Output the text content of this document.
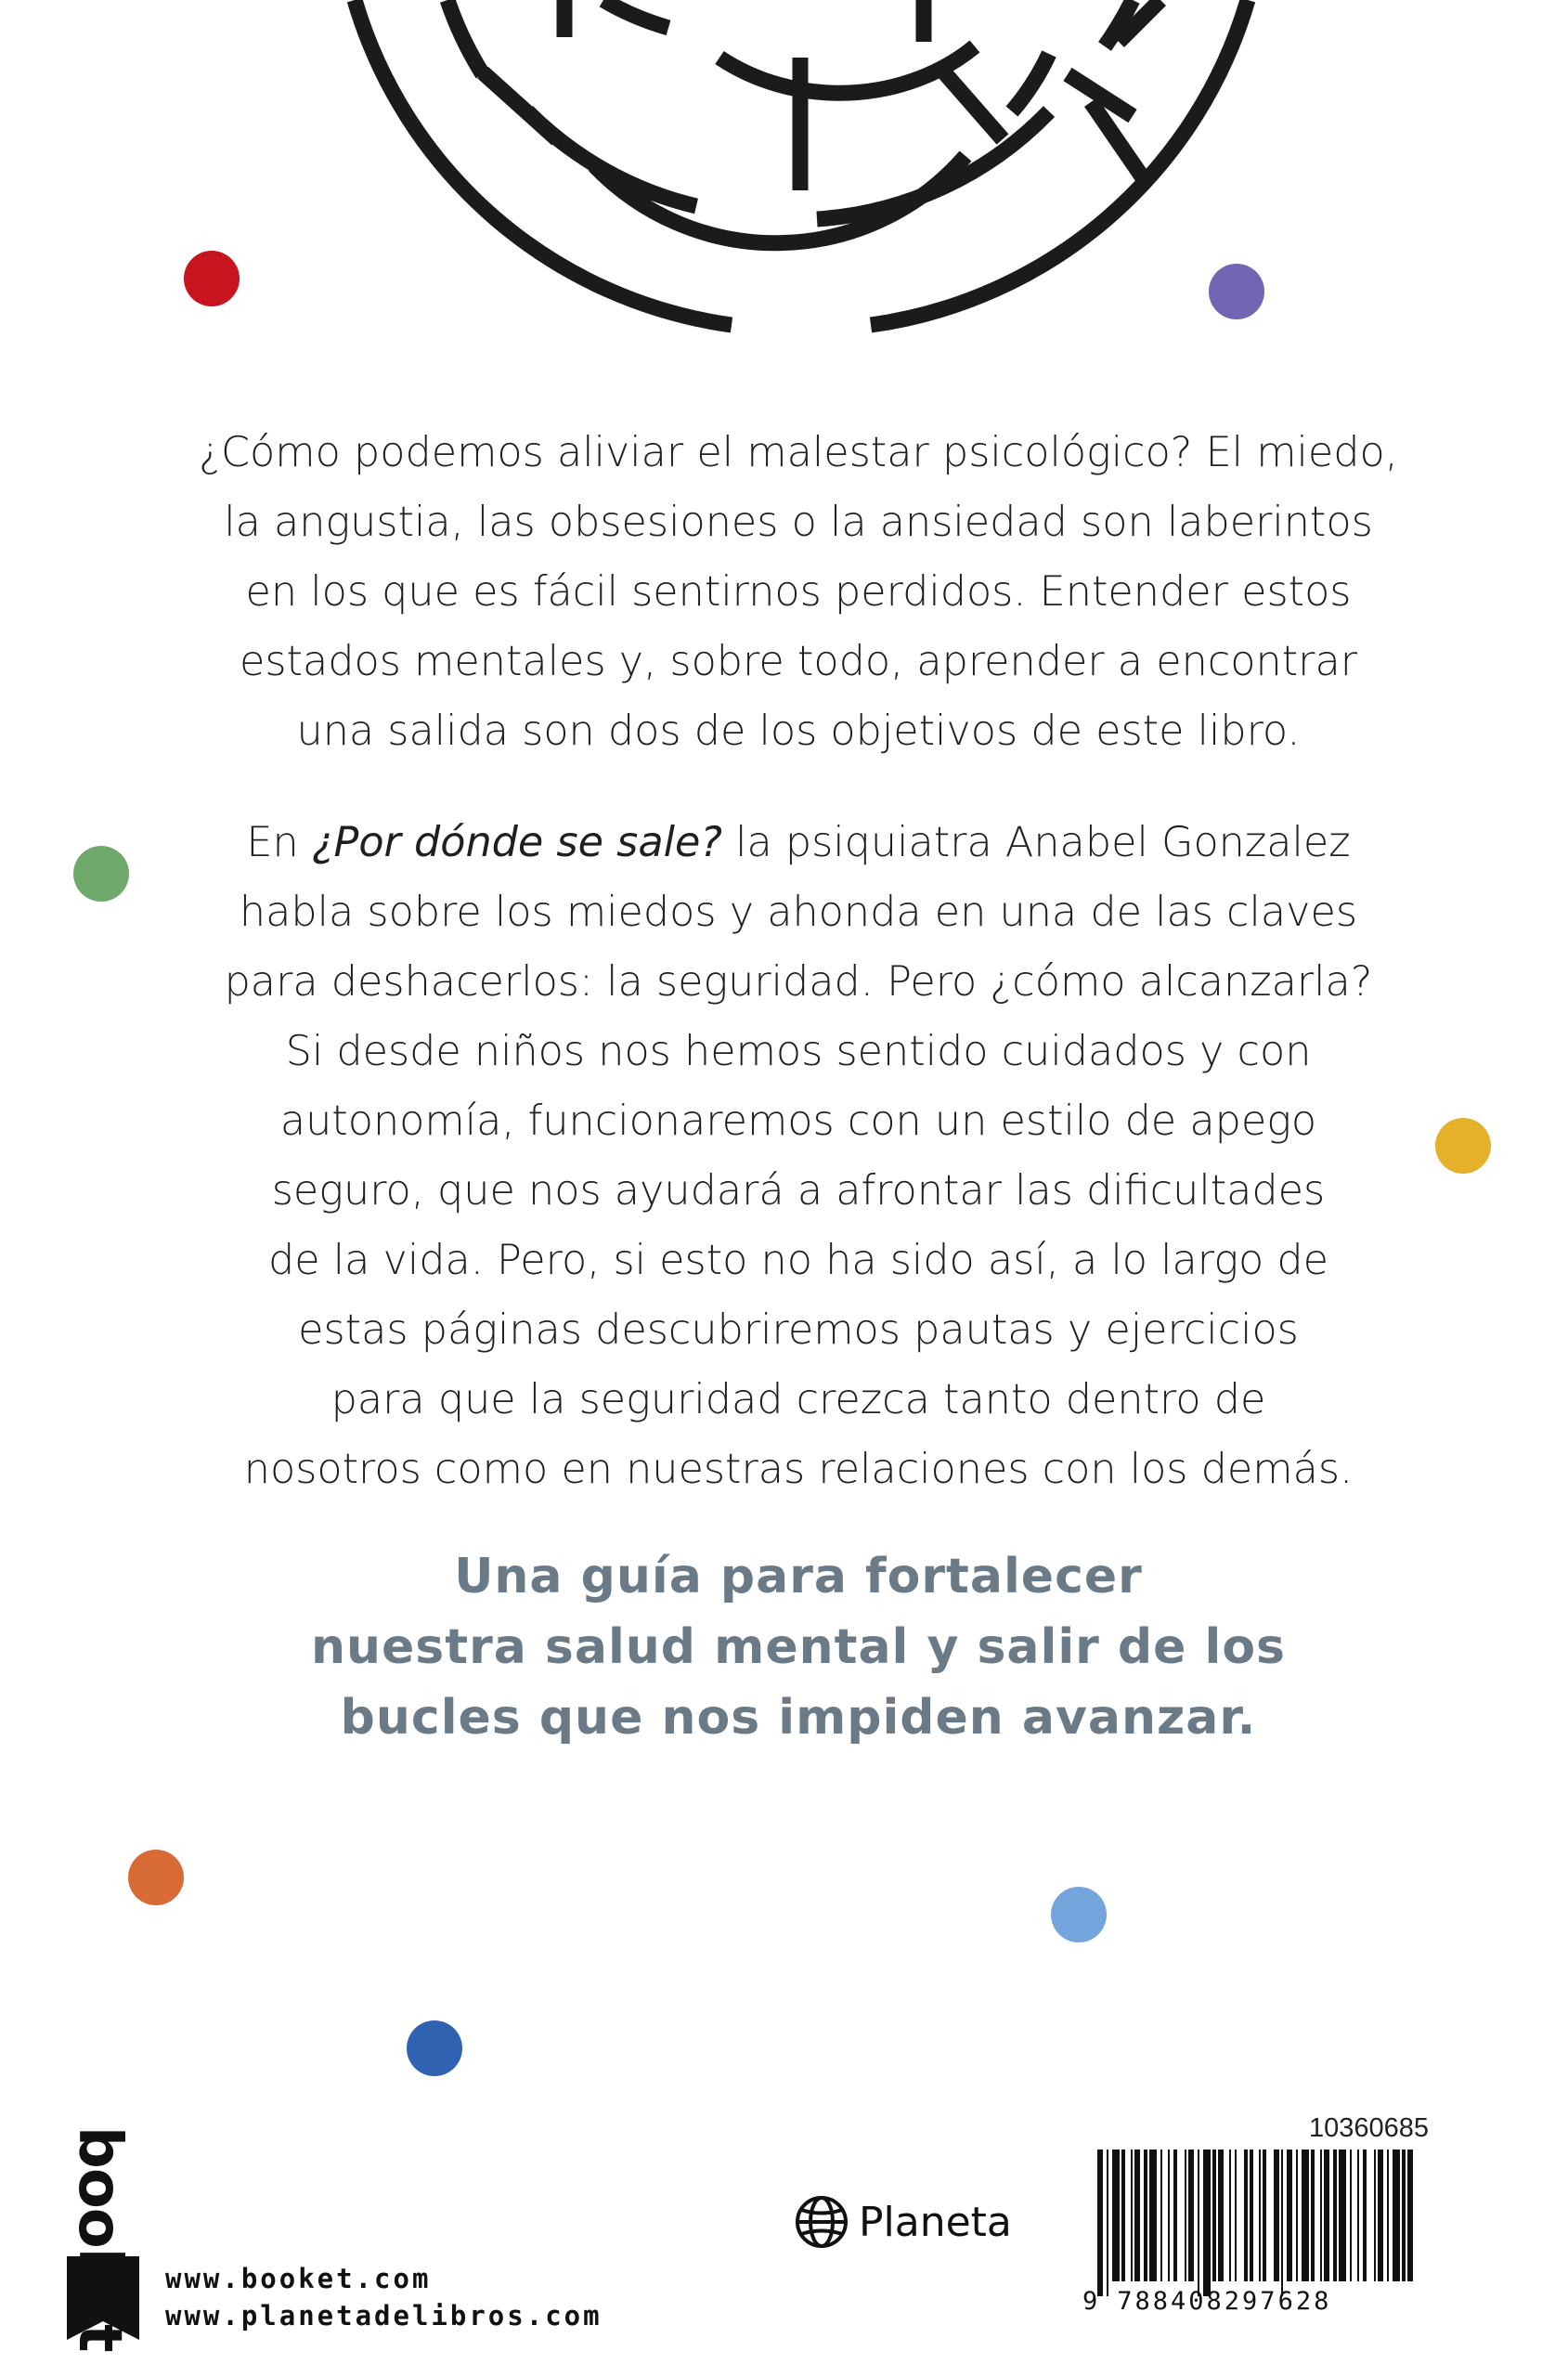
¿Cómo podemos aliviar el malestar psicológico? El miedo,
la angustia, las obsesiones o la ansiedad son laberintos
en los que es fácil sentirnos perdidos. Entender estos
estados mentales y, sobre todo, aprender a encontrar
una salida son dos de los objetivos de este libro.
En ¿Por dónde se sale? la psiquiatra Anabel Gonzalez
habla sobre los miedos y ahonda en una de las claves
para deshacerlos: la seguridad. Pero ¿cómo alcanzarla?
Si desde niños nos hemos sentido cuidados y con
autonomía, funcionaremos con un estilo de apego
seguro, que nos ayudará a afrontar las dificultades
de la vida. Pero, si esto no ha sido así, a lo largo de
estas páginas descubriremos pautas y ejercicios
para que la seguridad crezca tanto dentro de
nosotros como en nuestras relaciones con los demás.
Una guía para fortalecer
nuestra salud mental y salir de los
bucles que nos impiden avanzar.
booket www.booket.com
www.planetadelibros.com
Planeta
10360685
9 788408297628
